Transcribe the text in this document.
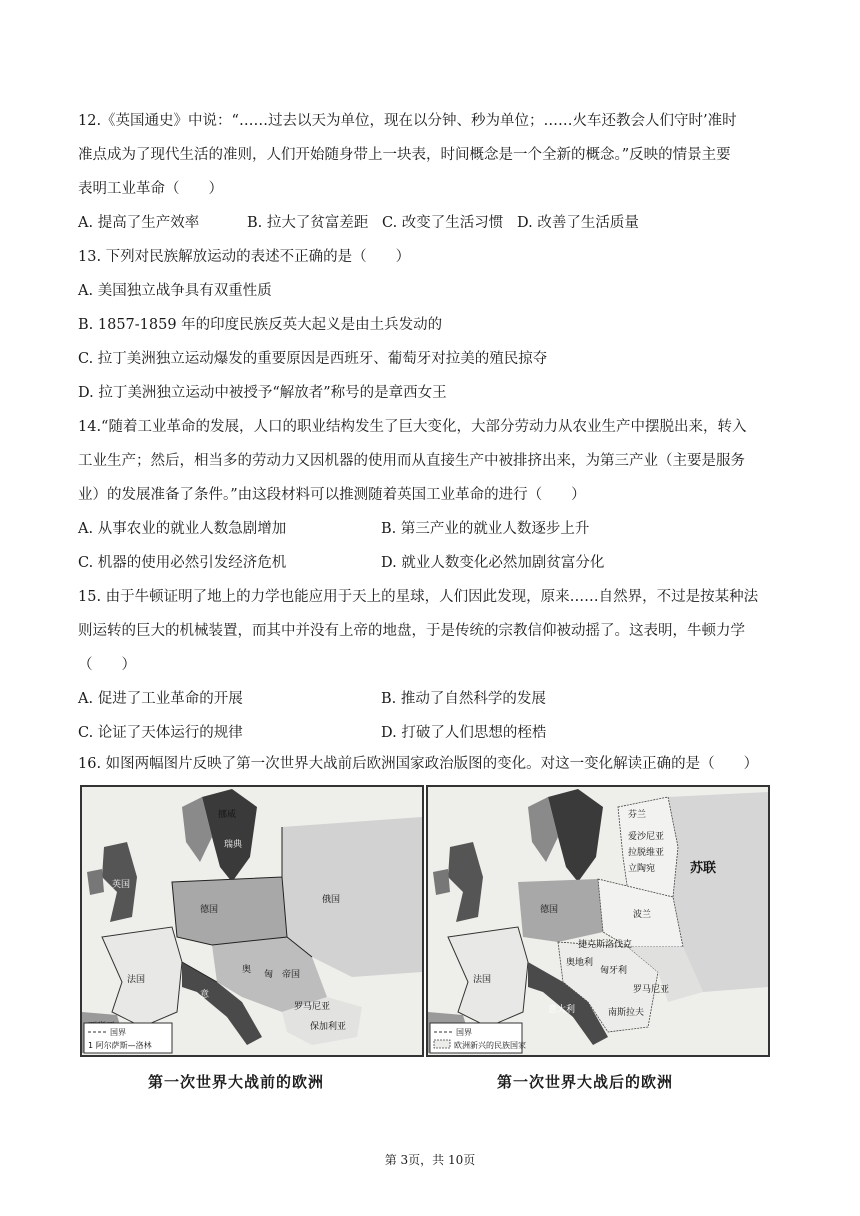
12.《英国通史》中说：“……过去以天为单位，现在以分钟、秒为单位；……火车还教会人们守时’准时
准点成为了现代生活的准则，人们开始随身带上一块表，时间概念是一个全新的概念。”反映的情景主要
表明工业革命（　　）
A. 提高了生产效率	B. 拉大了贫富差距 C. 改变了生活习惯 D. 改善了生活质量
13. 下列对民族解放运动的表述不正确的是（　　）
A. 美国独立战争具有双重性质
B. 1857-1859 年的印度民族反英大起义是由土兵发动的
C. 拉丁美洲独立运动爆发的重要原因是西班牙、葡萄牙对拉美的殖民掠夺
D. 拉丁美洲独立运动中被授予“解放者”称号的是章西女王
14.“随着工业革命的发展，人口的职业结构发生了巨大变化，大部分劳动力从农业生产中摆脱出来，转入
工业生产；然后，相当多的劳动力又因机器的使用而从直接生产中被排挤出来，为第三产业（主要是服务
业）的发展准备了条件。”由这段材料可以推测随着英国工业革命的进行（　　）
A. 从事农业的就业人数急剧增加	B. 第三产业的就业人数逐步上升
C. 机器的使用必然引发经济危机	D. 就业人数变化必然加剧贫富分化
15. 由于牛顿证明了地上的力学也能应用于天上的星球，人们因此发现，原来……自然界，不过是按某种法
则运转的巨大的机械装置，而其中并没有上帝的地盘，于是传统的宗教信仰被动摇了。这表明，牛顿力学
（　　）
A. 促进了工业革命的开展	B. 推动了自然科学的发展
C. 论证了天体运行的规律	D. 打破了人们思想的桎梏
16. 如图两幅图片反映了第一次世界大战前后欧洲国家政治版图的变化。对这一变化解读正确的是（　　）
挪威
瑞典
英国
德国
俄国
法国
意
奥 匈 帝国
罗马尼亚
保加利亚
国界
1 阿尔萨斯—洛林
第一次世界大战前的欧洲
苏联
芬兰
爱沙尼亚
拉脱维亚
立陶宛
德国	波兰
捷克斯洛伐克
奥地利
匈牙利
罗马尼亚
南斯拉夫
法国
意大利
国界
欧洲新兴的民族国家
第一次世界大战后的欧洲
第 3页，共 10页
